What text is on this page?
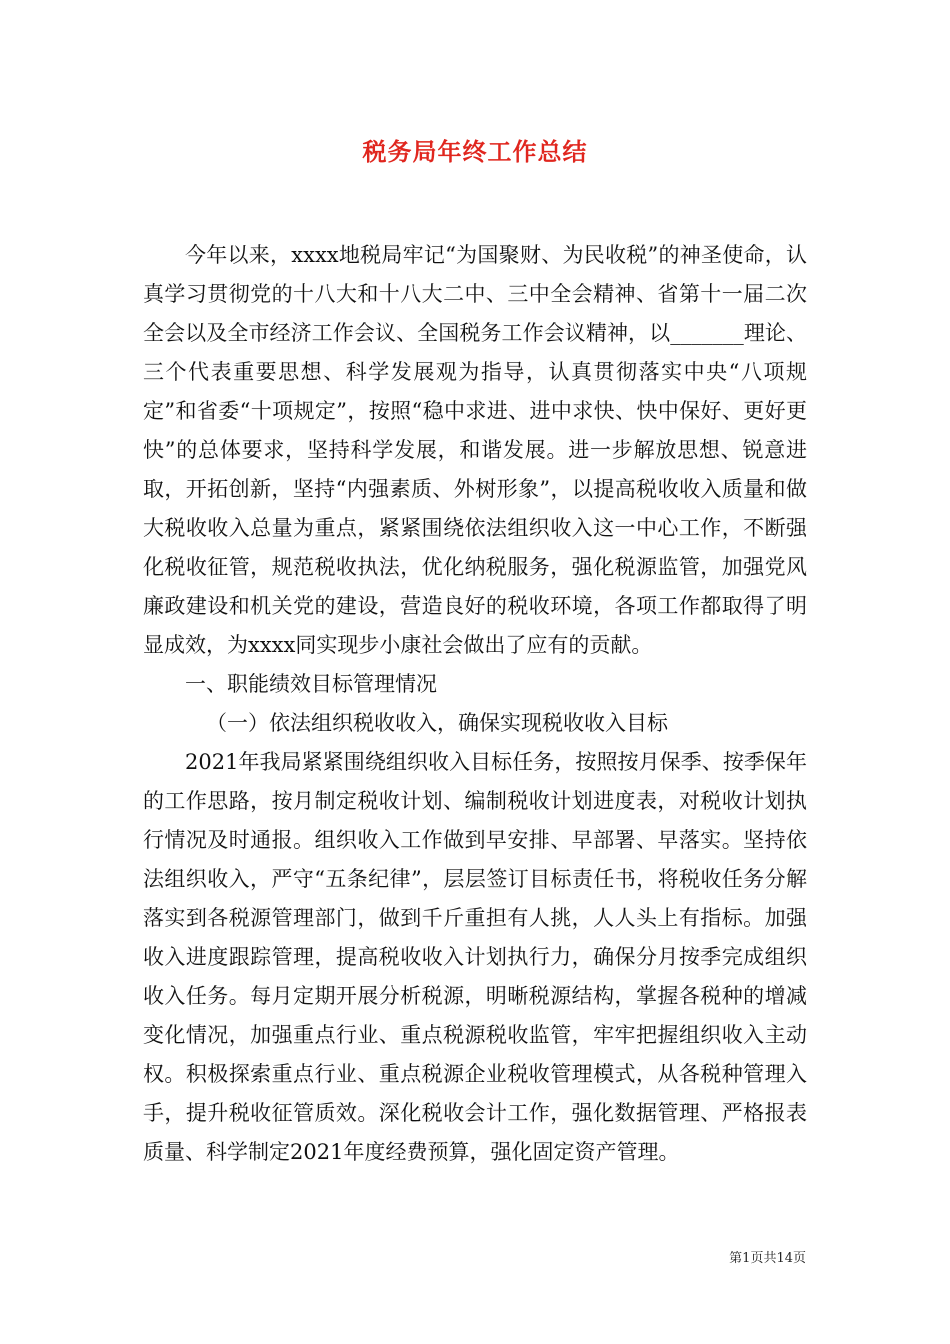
税务局年终工作总结

今年以来，xxxx地税局牢记“为国聚财、为民收税”的神圣使命，认真学习贯彻党的十八大和十八大二中、三中全会精神、省第十一届二次全会以及全市经济工作会议、全国税务工作会议精神，以_______理论、三个代表重要思想、科学发展观为指导，认真贯彻落实中央“八项规定”和省委“十项规定”，按照“稳中求进、进中求快、快中保好、更好更快”的总体要求，坚持科学发展，和谐发展。进一步解放思想、锐意进取，开拓创新，坚持“内强素质、外树形象”，以提高税收收入质量和做大税收收入总量为重点，紧紧围绕依法组织收入这一中心工作，不断强化税收征管，规范税收执法，优化纳税服务，强化税源监管，加强党风廉政建设和机关党的建设，营造良好的税收环境，各项工作都取得了明显成效，为xxxx同实现步小康社会做出了应有的贡献。

一、职能绩效目标管理情况

（一）依法组织税收收入，确保实现税收收入目标

2021年我局紧紧围绕组织收入目标任务，按照按月保季、按季保年的工作思路，按月制定税收计划、编制税收计划进度表，对税收计划执行情况及时通报。组织收入工作做到早安排、早部署、早落实。坚持依法组织收入，严守“五条纪律”，层层签订目标责任书，将税收任务分解落实到各税源管理部门，做到千斤重担有人挑，人人头上有指标。加强收入进度跟踪管理，提高税收收入计划执行力，确保分月按季完成组织收入任务。每月定期开展分析税源，明晰税源结构，掌握各税种的增减变化情况，加强重点行业、重点税源税收监管，牢牢把握组织收入主动权。积极探索重点行业、重点税源企业税收管理模式，从各税种管理入手，提升税收征管质效。深化税收会计工作，强化数据管理、严格报表质量、科学制定2021年度经费预算，强化固定资产管理。

第1页共14页
